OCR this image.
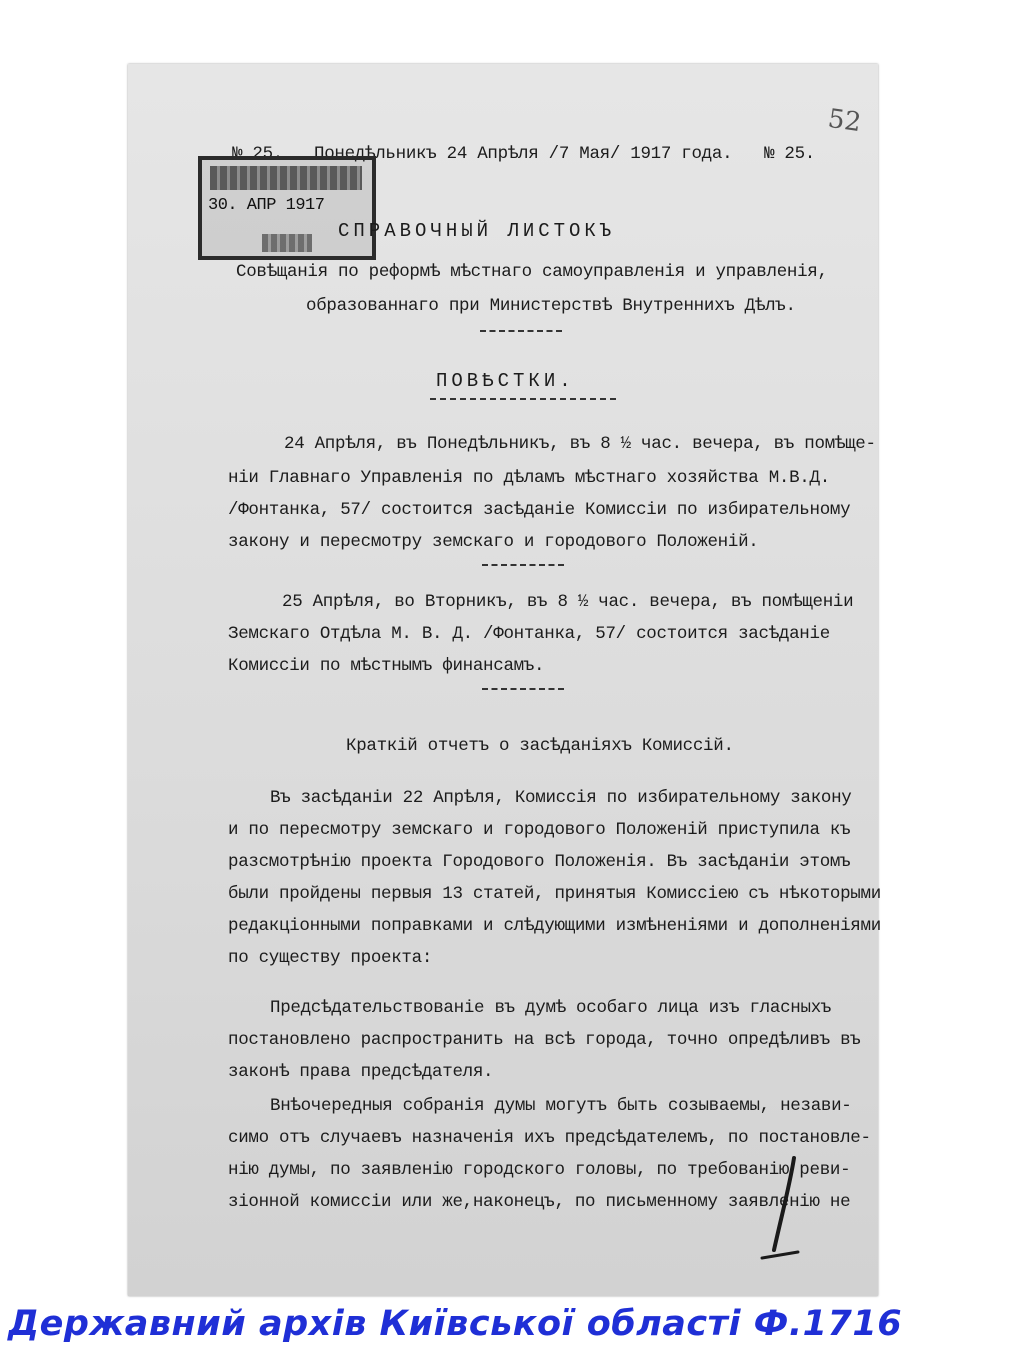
52
№ 25. Понедѣльникъ 24 Апрѣля /7 Мая/ 1917 года. № 25.
30. АПР 1917
СПРАВОЧНЫЙ ЛИСТОКЪ
Совѣщанія по реформѣ мѣстнаго самоуправленія и управленія,
образованнаго при Министерствѣ Внутреннихъ Дѣлъ.
ПОВѢСТКИ.
24 Апрѣля, въ Понедѣльникъ, въ 8 ½ час. вечера, въ помѣще-
ніи Главнаго Управленія по дѣламъ мѣстнаго хозяйства М.В.Д.
/Фонтанка, 57/ состоится засѣданіе Комиссіи по избирательному
закону и пересмотру земскаго и городового Положеній.
25 Апрѣля, во Вторникъ, въ 8 ½ час. вечера, въ помѣщеніи
Земскаго Отдѣла М. В. Д. /Фонтанка, 57/ состоится засѣданіе
Комиссіи по мѣстнымъ финансамъ.
Краткій отчетъ о засѣданіяхъ Комиссій.
Въ засѣданіи 22 Апрѣля, Комиссія по избирательному закону
и по пересмотру земскаго и городового Положеній приступила къ
разсмотрѣнію проекта Городового Положенія. Въ засѣданіи этомъ
были пройдены первыя 13 статей, принятыя Комиссіею съ нѣкоторыми
редакціонными поправками и слѣдующими измѣненіями и дополненіями
по существу проекта:
Предсѣдательствованіе въ думѣ особаго лица изъ гласныхъ
постановлено распространить на всѣ города, точно опредѣливъ въ
законѣ права предсѣдателя.
Внѣочередныя собранія думы могутъ быть созываемы, незави-
симо отъ случаевъ назначенія ихъ предсѣдателемъ, по постановле-
нію думы, по заявленію городского головы, по требованію реви-
зіонной комиссіи или же,наконецъ, по письменному заявленію не
Державний архів Київської області Ф.1716
